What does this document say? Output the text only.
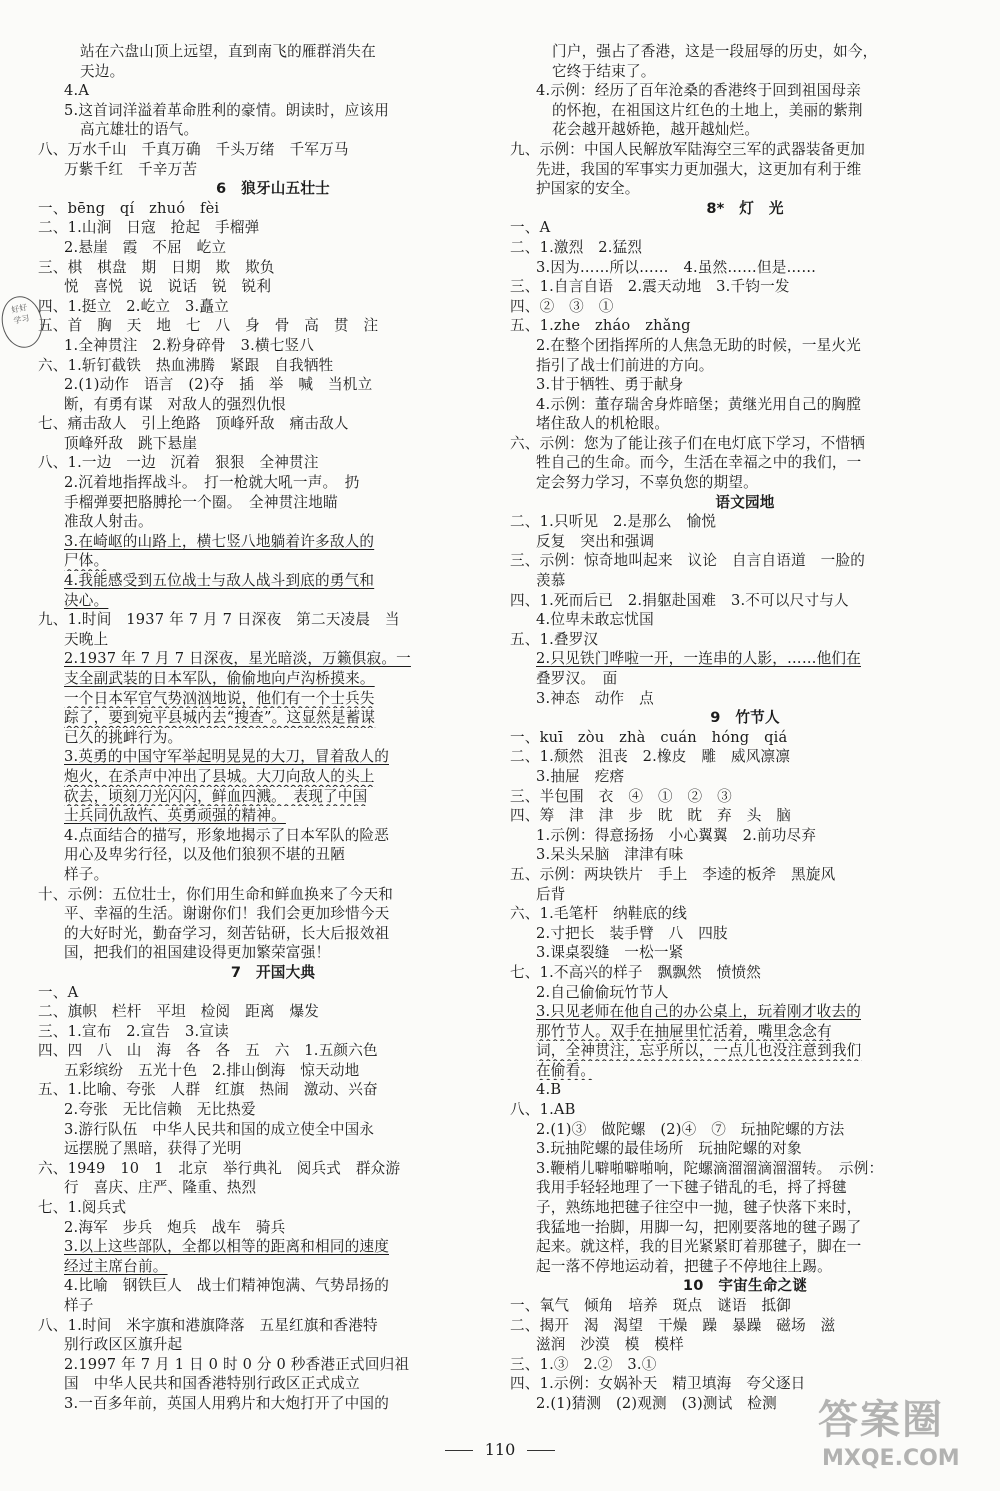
站在六盘山顶上远望，直到南飞的雁群消失在
天边。
4.A
5.这首词洋溢着革命胜利的豪情。朗读时，应该用
高亢雄壮的语气。
八、万水千山　千真万确　千头万绪　千军万马
万紫千红　千辛万苦
6　狼牙山五壮士
一、bēng　qí　zhuó　fèi
二、1.山涧　日寇　抢起　手榴弹
2.悬崖　霞　不屈　屹立
三、棋　棋盘　期　日期　欺　欺负
悦　喜悦　说　说话　锐　锐利
四、1.挺立　2.屹立　3.矗立
五、首　胸　天　地　七　八　身　骨　高　贯　注
1.全神贯注　2.粉身碎骨　3.横七竖八
六、1.斩钉截铁　热血沸腾　紧跟　自我牺牲
2.(1)动作　语言　(2)夺　插　举　喊　当机立
断，有勇有谋　对敌人的强烈仇恨
七、痛击敌人　引上绝路　顶峰歼敌　痛击敌人
顶峰歼敌　跳下悬崖
八、1.一边　一边　沉着　狠狠　全神贯注
2.沉着地指挥战斗。　打一枪就大吼一声。　扔
手榴弹要把胳膊抡一个圈。　全神贯注地瞄
准敌人射击。
3.在崎岖的山路上，横七竖八地躺着许多敌人的
尸体。
4.我能感受到五位战士与敌人战斗到底的勇气和
决心。
九、1.时间　1937 年 7 月 7 日深夜　第二天凌晨　当
天晚上
2.1937 年 7 月 7 日深夜，星光暗淡，万籁俱寂。一
支全副武装的日本军队，偷偷地向卢沟桥摸来。
一个日本军官气势汹汹地说，他们有一个士兵失
踪了，要到宛平县城内去“搜查”。这显然是蓄谋
已久的挑衅行为。
3.英勇的中国守军举起明晃晃的大刀，冒着敌人的
炮火，在杀声中冲出了县城。大刀向敌人的头上
砍去，顷刻刀光闪闪，鲜血四溅。　表现了中国
士兵同仇敌忾、英勇顽强的精神。
4.点面结合的描写，形象地揭示了日本军队的险恶
用心及卑劣行径，以及他们狼狈不堪的丑陋
样子。
十、示例：五位壮士，你们用生命和鲜血换来了今天和
平、幸福的生活。谢谢你们！我们会更加珍惜今天
的大好时光，勤奋学习，刻苦钻研，长大后报效祖
国，把我们的祖国建设得更加繁荣富强！
7　开国大典
一、A
二、旗帜　栏杆　平坦　检阅　距离　爆发
三、1.宣布　2.宣告　3.宣读
四、四　八　山　海　各　各　五　六　1.五颜六色
五彩缤纷　五光十色　2.排山倒海　惊天动地
五、1.比喻、夸张　人群　红旗　热闹　激动、兴奋
2.夸张　无比信赖　无比热爱
3.游行队伍　中华人民共和国的成立使全中国永
远摆脱了黑暗，获得了光明
六、1949　10　1　北京　举行典礼　阅兵式　群众游
行　喜庆、庄严、隆重、热烈
七、1.阅兵式
2.海军　步兵　炮兵　战车　骑兵
3.以上这些部队，全都以相等的距离和相同的速度
经过主席台前。
4.比喻　钢铁巨人　战士们精神饱满、气势昂扬的
样子
八、1.时间　米字旗和港旗降落　五星红旗和香港特
别行政区区旗升起
2.1997 年 7 月 1 日 0 时 0 分 0 秒香港正式回归祖
国　中华人民共和国香港特别行政区正式成立
3.一百多年前，英国人用鸦片和大炮打开了中国的
门户，强占了香港，这是一段屈辱的历史，如今，
它终于结束了。
4.示例：经历了百年沧桑的香港终于回到祖国母亲
的怀抱，在祖国这片红色的土地上，美丽的紫荆
花会越开越娇艳，越开越灿烂。
九、示例：中国人民解放军陆海空三军的武器装备更加
先进，我国的军事实力更加强大，这更加有利于维
护国家的安全。
8*　灯　光
一、A
二、1.激烈　2.猛烈
3.因为……所以……　4.虽然……但是……
三、1.自言自语　2.震天动地　3.千钧一发
四、②　③　①
五、1.zhe　zháo　zhǎng
2.在整个团指挥所的人焦急无助的时候，一星火光
指引了战士们前进的方向。
3.甘于牺牲、勇于献身
4.示例：董存瑞舍身炸暗堡；黄继光用自己的胸膛
堵住敌人的机枪眼。
六、示例：您为了能让孩子们在电灯底下学习，不惜牺
牲自己的生命。而今，生活在幸福之中的我们，一
定会努力学习，不辜负您的期望。
语文园地
二、1.只听见　2.是那么　愉悦
反复　突出和强调
三、示例：惊奇地叫起来　议论　自言自语道　一脸的
羡慕
四、1.死而后已　2.捐躯赴国难　3.不可以尺寸与人
4.位卑未敢忘忧国
五、1.叠罗汉
2.只见铁门哗啦一开，一连串的人影，……他们在
叠罗汉。　面
3.神态　动作　点
9　竹节人
一、kuī　zòu　zhà　cuán　hóng　qiá
二、1.颓然　沮丧　2.橡皮　雕　威风凛凛
3.抽屉　疙瘩
三、半包围　衣　④　①　②　③
四、筹　津　津　步　眈　眈　弃　头　脑
1.示例：得意扬扬　小心翼翼　2.前功尽弃
3.呆头呆脑　津津有味
五、示例：两块铁片　手上　李逵的板斧　黑旋风
后背
六、1.毛笔杆　纳鞋底的线
2.寸把长　装手臂　八　四肢
3.课桌裂缝　一松一紧
七、1.不高兴的样子　飘飘然　愤愤然
2.自己偷偷玩竹节人
3.只见老师在他自己的办公桌上，玩着刚才收去的
那竹节人。双手在抽屉里忙活着，嘴里念念有
词，全神贯注，忘乎所以，一点儿也没注意到我们
在偷看。
4.B
八、1.AB
2.(1)③　做陀螺　(2)④　⑦　玩抽陀螺的方法
3.玩抽陀螺的最佳场所　玩抽陀螺的对象
3.鞭梢儿噼啪噼啪响，陀螺滴溜溜滴溜溜转。　示例：
我用手轻轻地理了一下毽子错乱的毛，捋了捋毽
子，熟练地把毽子往空中一抛，毽子快落下来时，
我猛地一抬脚，用脚一勾，把刚要落地的毽子踢了
起来。就这样，我的目光紧紧盯着那毽子，脚在一
起一落不停地运动着，把毽子不停地往上踢。
10　宇宙生命之谜
一、氧气　倾角　培养　斑点　谜语　抵御
二、揭开　渴　渴望　干燥　躁　暴躁　磁场　滋
滋润　沙漠　模　模样
三、1.③　2.②　3.①
四、1.示例：女娲补天　精卫填海　夸父逐日
2.(1)猜测　(2)观测　(3)测试　检测
好好
学习
110
答案圈
MXQE.COM
